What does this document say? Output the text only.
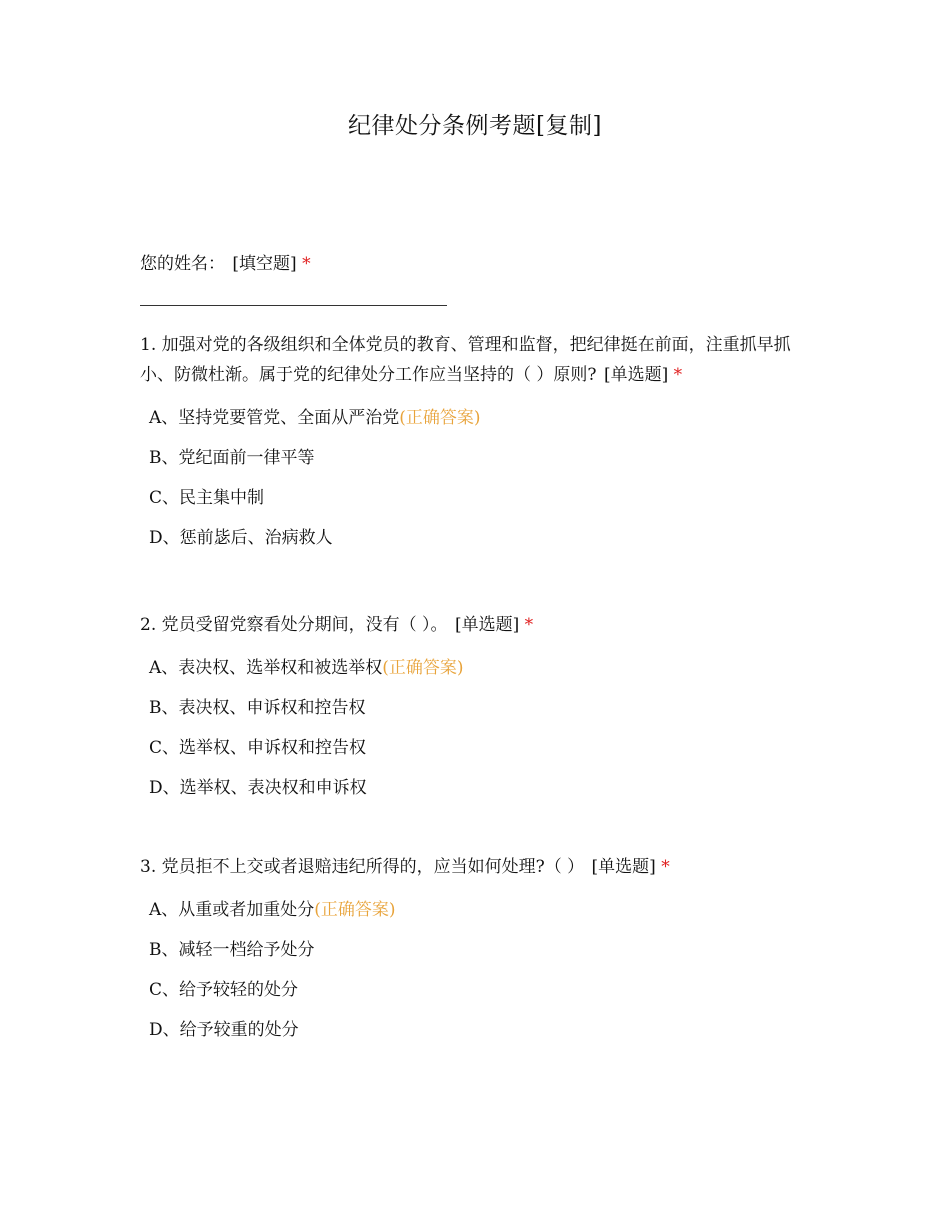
纪律处分条例考题[复制]
您的姓名： [填空题] *

1. 加强对党的各级组织和全体党员的教育、管理和监督，把纪律挺在前面，注重抓早抓小、防微杜渐。属于党的纪律处分工作应当坚持的（ ）原则? [单选题] *

A、坚持党要管党、全面从严治党(正确答案)
B、党纪面前一律平等
C、民主集中制
D、惩前毖后、治病救人

2. 党员受留党察看处分期间，没有（ ）。 [单选题] *

A、表决权、选举权和被选举权(正确答案)
B、表决权、申诉权和控告权
C、选举权、申诉权和控告权
D、选举权、表决权和申诉权

3. 党员拒不上交或者退赔违纪所得的，应当如何处理?（ ） [单选题] *

A、从重或者加重处分(正确答案)
B、减轻一档给予处分
C、给予较轻的处分
D、给予较重的处分
